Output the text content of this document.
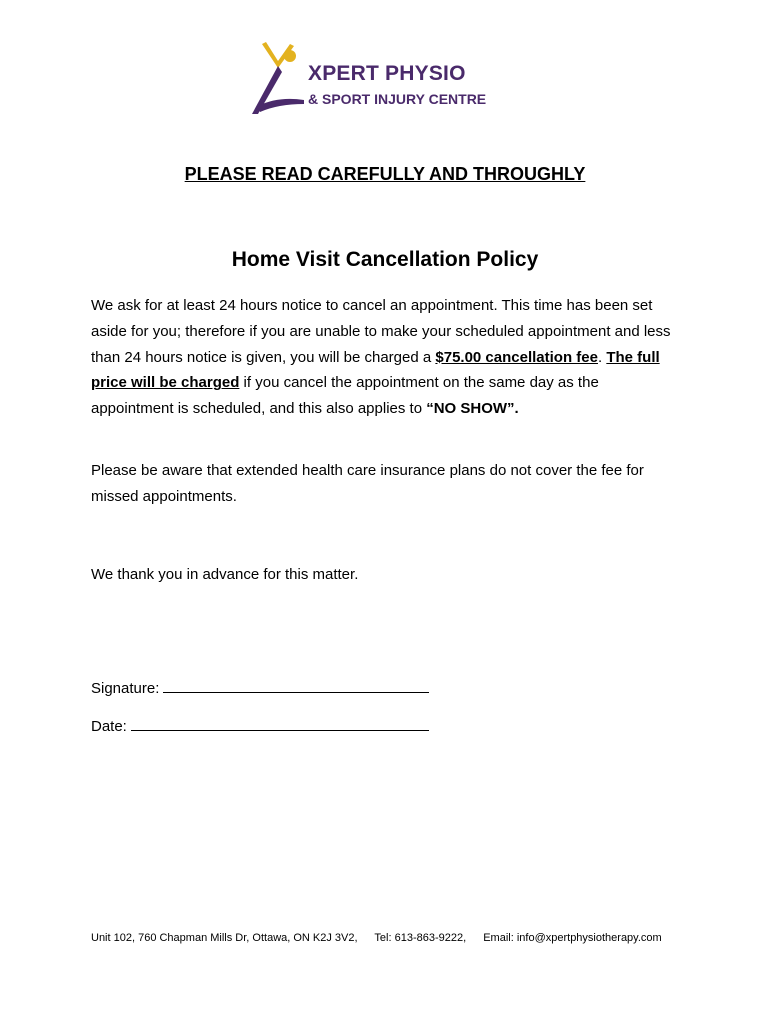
XPERT PHYSIO
& SPORT INJURY CENTRE
PLEASE READ CAREFULLY AND THROUGHLY
Home Visit Cancellation Policy
We ask for at least 24 hours notice to cancel an appointment. This time has been set aside for you; therefore if you are unable to make your scheduled appointment and less than 24 hours notice is given, you will be charged a $75.00 cancellation fee. The full price will be charged if you cancel the appointment on the same day as the appointment is scheduled, and this also applies to “NO SHOW”.
Please be aware that extended health care insurance plans do not cover the fee for missed appointments.
We thank you in advance for this matter.
Signature:
Date:
Unit 102, 760 Chapman Mills Dr, Ottawa, ON K2J 3V2, Tel: 613-863-9222, Email: info@xpertphysiotherapy.com
